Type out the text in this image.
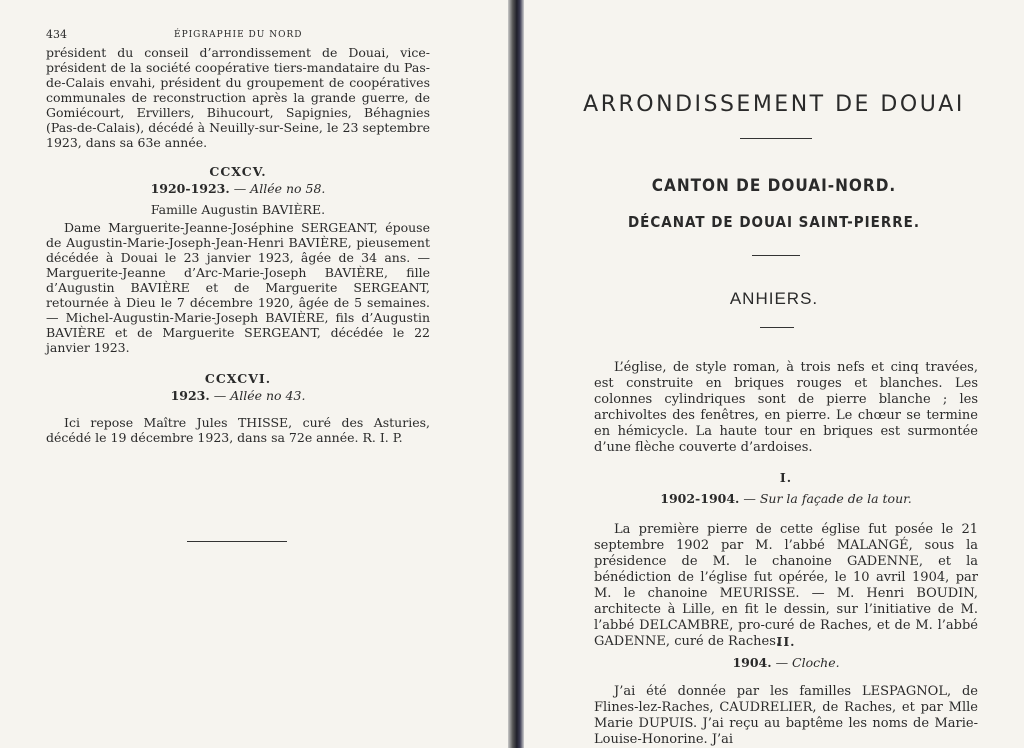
434	ÉPIGRAPHIE DU NORD
président du conseil d’arrondissement de Douai, vice-président de la société coopérative tiers-mandataire du Pas-de-Calais envahi, président du groupement de coopératives communales de reconstruction après la grande guerre, de Gomiécourt, Ervillers, Bihucourt, Sapignies, Béhagnies (Pas-de-Calais), décédé à Neuilly-sur-Seine, le 23 septembre 1923, dans sa 63e année.
CCXCV.
1920-1923. — Allée no 58.
Famille Augustin BAVIÈRE.
Dame Marguerite-Jeanne-Joséphine SERGEANT, épouse de Augustin-Marie-Joseph-Jean-Henri BAVIÈRE, pieusement décédée à Douai le 23 janvier 1923, âgée de 34 ans. — Marguerite-Jeanne d’Arc-Marie-Joseph BAVIÈRE, fille d’Augustin BAVIÈRE et de Marguerite SERGEANT, retournée à Dieu le 7 décembre 1920, âgée de 5 semaines. — Michel-Augustin-Marie-Joseph BAVIÈRE, fils d’Augustin BAVIÈRE et de Marguerite SERGEANT, décédée le 22 janvier 1923.
CCXCVI.
1923. — Allée no 43.
Ici repose Maître Jules THISSE, curé des Asturies, décédé le 19 décembre 1923, dans sa 72e année. R. I. P.
ARRONDISSEMENT DE DOUAI
CANTON DE DOUAI-NORD.
DÉCANAT DE DOUAI SAINT-PIERRE.
ANHIERS.
L’église, de style roman, à trois nefs et cinq travées, est construite en briques rouges et blanches. Les colonnes cylindriques sont de pierre blanche ; les archivoltes des fenêtres, en pierre. Le chœur se termine en hémicycle. La haute tour en briques est surmontée d’une flèche couverte d’ardoises.
I.
1902-1904. — Sur la façade de la tour.
La première pierre de cette église fut posée le 21 septembre 1902 par M. l’abbé MALANGÉ, sous la présidence de M. le chanoine GADENNE, et la bénédiction de l’église fut opérée, le 10 avril 1904, par M. le chanoine MEURISSE. — M. Henri BOUDIN, architecte à Lille, en fit le dessin, sur l’initiative de M. l’abbé DELCAMBRE, pro-curé de Raches, et de M. l’abbé GADENNE, curé de Raches.
II.
1904. — Cloche.
J’ai été donnée par les familles LESPAGNOL, de Flines-lez-Raches, CAUDRELIER, de Raches, et par Mlle Marie DUPUIS. J’ai reçu au baptême les noms de Marie-Louise-Honorine. J’ai
